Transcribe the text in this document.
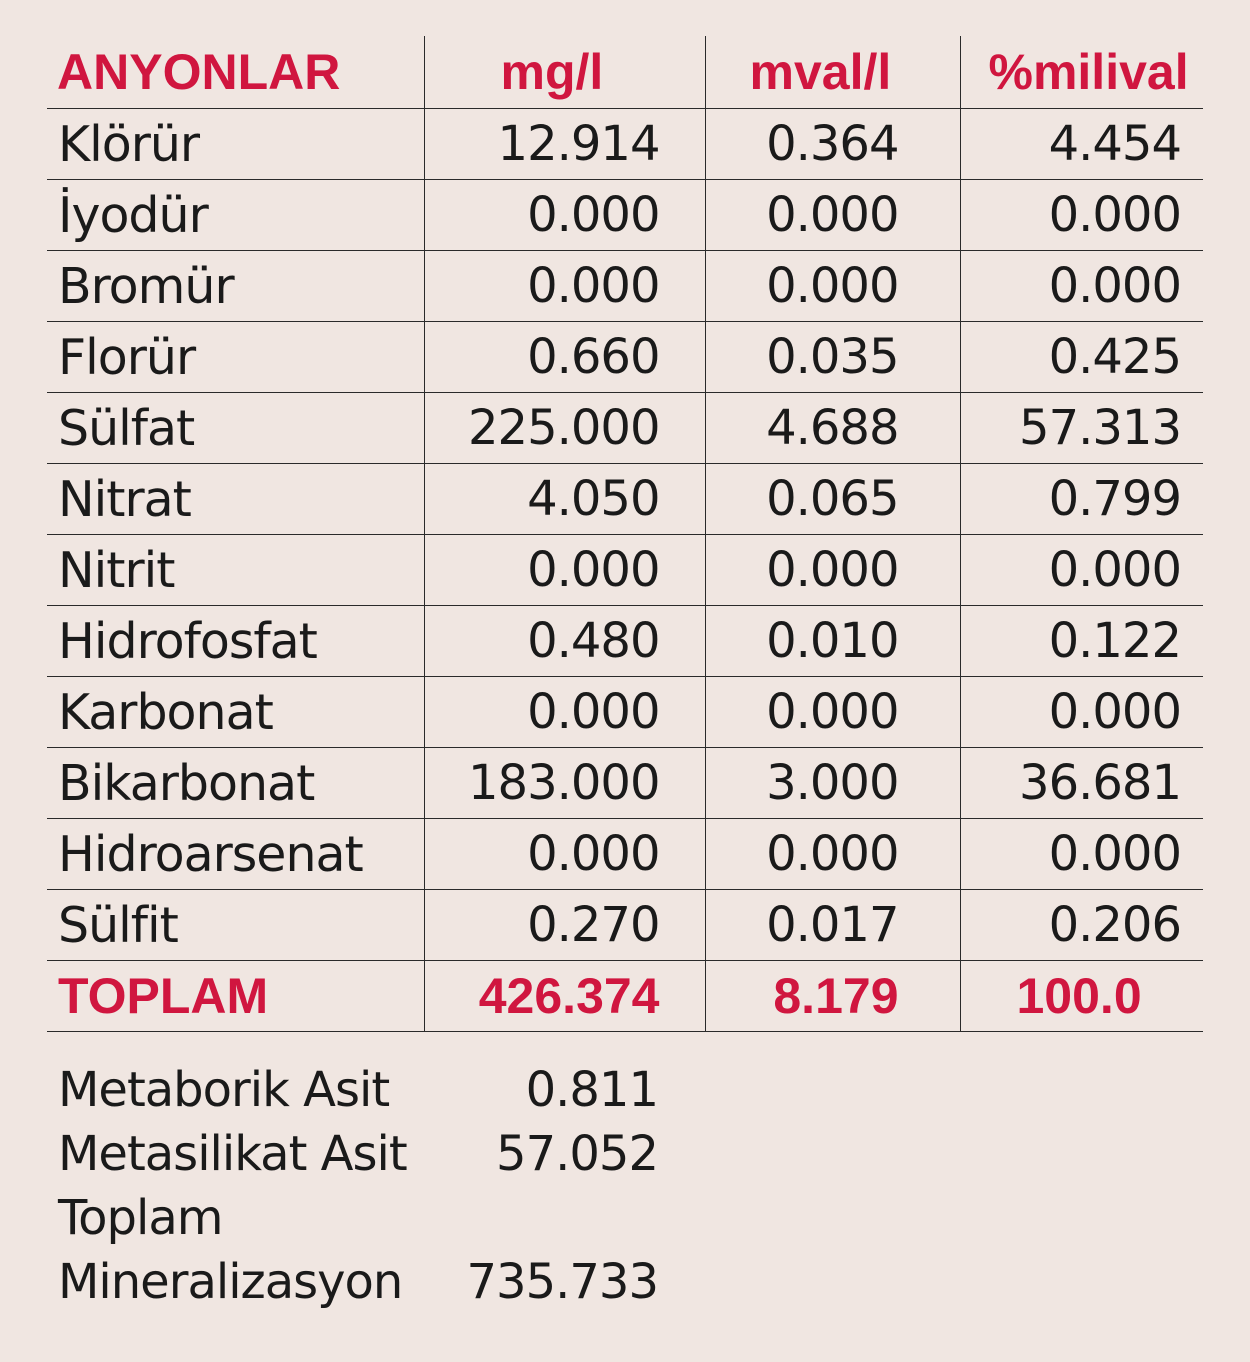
ANYONLAR	mg/l	mval/l	%milival
Klörür	12.914	0.364	4.454
İyodür	0.000	0.000	0.000
Bromür	0.000	0.000	0.000
Florür	0.660	0.035	0.425
Sülfat	225.000	4.688	57.313
Nitrat	4.050	0.065	0.799
Nitrit	0.000	0.000	0.000
Hidrofosfat	0.480	0.010	0.122
Karbonat	0.000	0.000	0.000
Bikarbonat	183.000	3.000	36.681
Hidroarsenat	0.000	0.000	0.000
Sülfit	0.270	0.017	0.206
TOPLAM	426.374	8.179	100.0
Metaborik Asit	0.811
Metasilikat Asit 57.052
Toplam
Mineralizasyon 735.733
